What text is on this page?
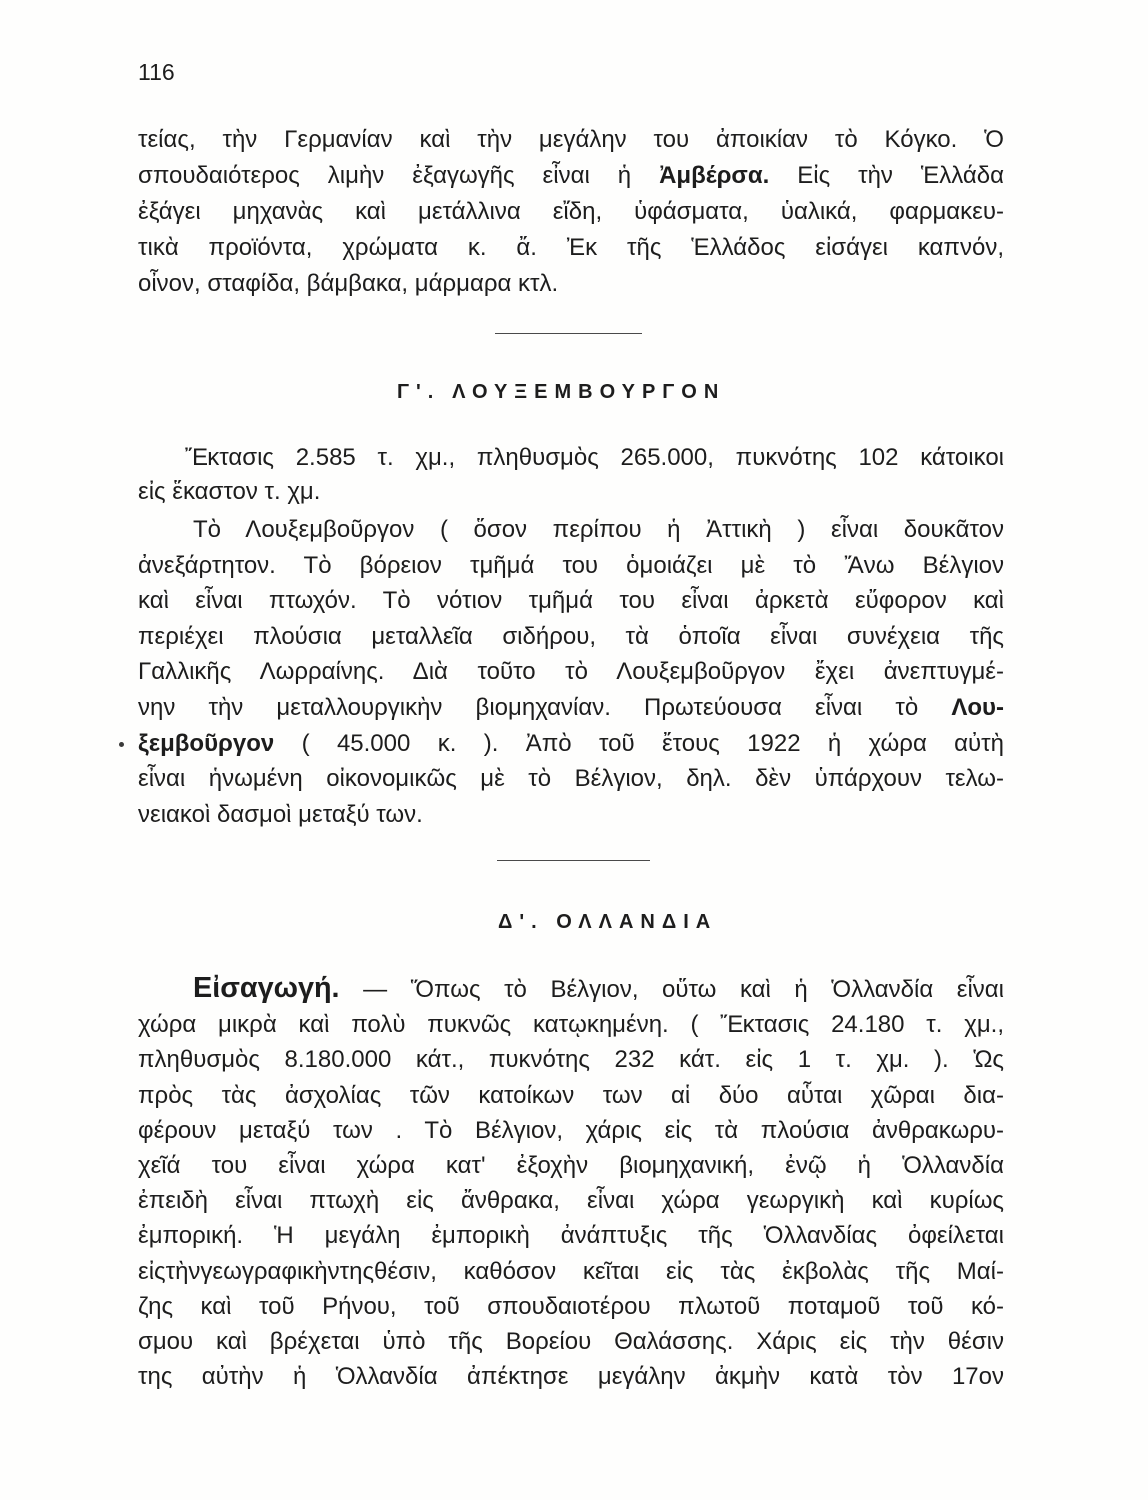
116
τείας, τὴν Γερμανίαν καὶ τὴν μεγάλην του ἀποικίαν τὸ Κόγκο. Ὁ
σπουδαιότερος λιμὴν ἐξαγωγῆς εἶναι ἡ Ἀμβέρσα. Εἰς τὴν Ἑλλάδα
ἐξάγει μηχανὰς καὶ μετάλλινα εἴδη, ὑφάσματα, ὑαλικά, φαρμακευ-
τικὰ προϊόντα, χρώματα κ. ἄ. Ἐκ τῆς Ἑλλάδος εἰσάγει καπνόν,
οἶνον, σταφίδα, βάμβακα, μάρμαρα κτλ.
Γ'. ΛΟΥΞΕΜΒΟΥΡΓΟΝ
Ἔκτασις 2.585 τ. χμ., πληθυσμὸς 265.000, πυκνότης 102 κάτοικοι
εἰς ἕκαστον τ. χμ.
Τὸ Λουξεμβοῦργον ( ὅσον περίπου ἡ Ἀττικὴ ) εἶναι δουκᾶτον
ἀνεξάρτητον. Τὸ βόρειον τμῆμά του ὁμοιάζει μὲ τὸ Ἄνω Βέλγιον
καὶ εἶναι πτωχόν. Τὸ νότιον τμῆμά του εἶναι ἀρκετὰ εὔφορον καὶ
περιέχει πλούσια μεταλλεῖα σιδήρου, τὰ ὁποῖα εἶναι συνέχεια τῆς
Γαλλικῆς Λωρραίνης. Διὰ τοῦτο τὸ Λουξεμβοῦργον ἔχει ἀνεπτυγμέ-
νην τὴν μεταλλουργικὴν βιομηχανίαν. Πρωτεύουσα εἶναι τὸ Λου-
ξεμβοῦργον ( 45.000 κ. ). Ἀπὸ τοῦ ἔτους 1922 ἡ χώρα αὐτὴ
εἶναι ἡνωμένη οἰκονομικῶς μὲ τὸ Βέλγιον, δηλ. δὲν ὑπάρχουν τελω-
νειακοὶ δασμοὶ μεταξύ των.
Δ'. ΟΛΛΑΝΔΙΑ
Εἰσαγωγή. — Ὅπως τὸ Βέλγιον, οὕτω καὶ ἡ Ὁλλανδία εἶναι
χώρα μικρὰ καὶ πολὺ πυκνῶς κατῳκημένη. ( Ἔκτασις 24.180 τ. χμ.,
πληθυσμὸς 8.180.000 κάτ., πυκνότης 232 κάτ. εἰς 1 τ. χμ. ). Ὡς
πρὸς τὰς ἀσχολίας τῶν κατοίκων των αἱ δύο αὗται χῶραι δια-
φέρουν μεταξύ των . Τὸ Βέλγιον, χάρις εἰς τὰ πλούσια ἀνθρακωρυ-
χεῖά του εἶναι χώρα κατ' ἐξοχὴν βιομηχανική, ἐνῷ ἡ Ὁλλανδία
ἐπειδὴ εἶναι πτωχὴ εἰς ἄνθρακα, εἶναι χώρα γεωργικὴ καὶ κυρίως
ἐμπορική. Ἡ μεγάλη ἐμπορικὴ ἀνάπτυξις τῆς Ὁλλανδίας ὀφείλεται
εἰςτὴνγεωγραφικὴντηςθέσιν, καθόσον κεῖται εἰς τὰς ἐκβολὰς τῆς Μαί-
ζης καὶ τοῦ Ρήνου, τοῦ σπουδαιοτέρου πλωτοῦ ποταμοῦ τοῦ κό-
σμου καὶ βρέχεται ὑπὸ τῆς Βορείου Θαλάσσης. Χάρις εἰς τὴν θέσιν
της αὐτὴν ἡ Ὁλλανδία ἀπέκτησε μεγάλην ἀκμὴν κατὰ τὸν 17ον
